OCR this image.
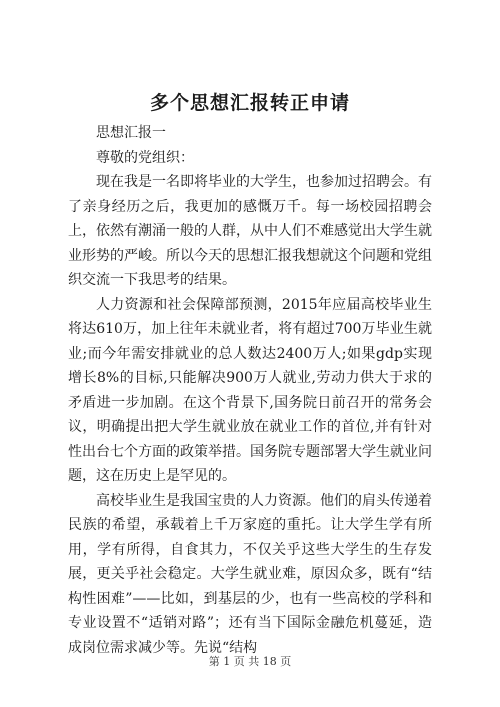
多个思想汇报转正申请

思想汇报一

尊敬的党组织：

现在我是一名即将毕业的大学生，也参加过招聘会。有了亲身经历之后，我更加的感慨万千。每一场校园招聘会上，依然有潮涌一般的人群，从中人们不难感觉出大学生就业形势的严峻。所以今天的思想汇报我想就这个问题和党组织交流一下我思考的结果。

人力资源和社会保障部预测，2015年应届高校毕业生将达610万，加上往年未就业者，将有超过700万毕业生就业;而今年需安排就业的总人数达2400万人;如果gdp实现增长8%的目标,只能解决900万人就业,劳动力供大于求的矛盾进一步加剧。在这个背景下,国务院日前召开的常务会议，明确提出把大学生就业放在就业工作的首位,并有针对性出台七个方面的政策举措。国务院专题部署大学生就业问题，这在历史上是罕见的。

高校毕业生是我国宝贵的人力资源。他们的肩头传递着民族的希望，承载着上千万家庭的重托。让大学生学有所用，学有所得，自食其力，不仅关乎这些大学生的生存发展，更关乎社会稳定。大学生就业难，原因众多，既有“结构性困难”——比如，到基层的少，也有一些高校的学科和专业设置不“适销对路”；还有当下国际金融危机蔓延，造成岗位需求减少等。先说“结构

第 1 页 共 18 页
